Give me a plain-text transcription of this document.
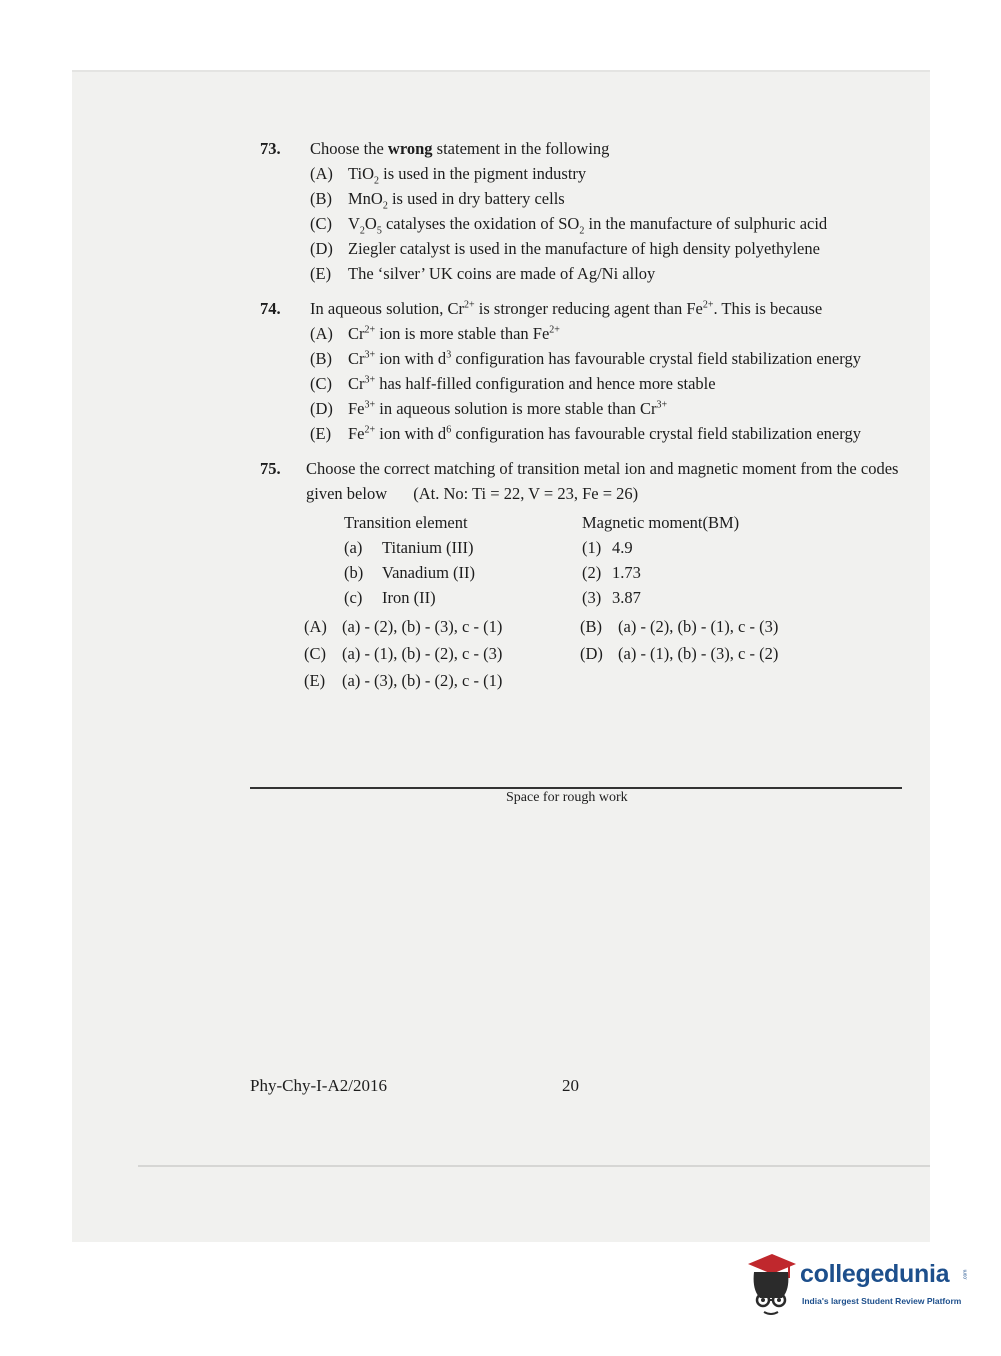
73. Choose the wrong statement in the following
(A) TiO$_2$ is used in the pigment industry
(B) MnO$_2$ is used in dry battery cells
(C) $V_2O_5$ catalyses the oxidation of $SO_2$ in the manufacture of sulphuric acid
(D) Ziegler catalyst is used in the manufacture of high density polyethylene
(E)	The ‘silver’ UK coins are made of Ag/Ni alloy
74. In aqueous solution, $Cr^{2+}$ is stronger reducing agent than $Fe^{2+}$. This is because
(A) $Cr^{2+}$ ion is more stable than $Fe^{2+}$
(B) $Cr^{3+}$ ion with $d^3$ configuration has favourable crystal field stabilization energy
(C) $Cr^{3+}$ has half-filled configuration and hence more stable
(D) $Fe^{3+}$ in aqueous solution is more stable than $Cr^{3+}$
(E)	$Fe^{2+}$ ion with $d^6$ configuration has favourable crystal field stabilization energy
75. Choose the correct matching of transition metal ion and magnetic moment from the codes given below (At. No: Ti = 22, V = 23, Fe = 26)
Transition element	Magnetic moment(BM)
(a)	Titanium (III)	(1) 4.9
(b)	Vanadium (II)	(2) 1.73
(c)	Iron (II)	(3) 3.87
(A) (a) - (2), (b) - (3), c - (1)	(B) (a) - (2), (b) - (1), c - (3)
(C) (a) - (1), (b) - (2), c - (3)	(D) (a) - (1), (b) - (3), c - (2)
(E)	(a) - (3), (b) - (2), c - (1)
Space for rough work
Phy-Chy-I-A2/2016	20
collegedunia	.com
India's largest Student Review Platform
